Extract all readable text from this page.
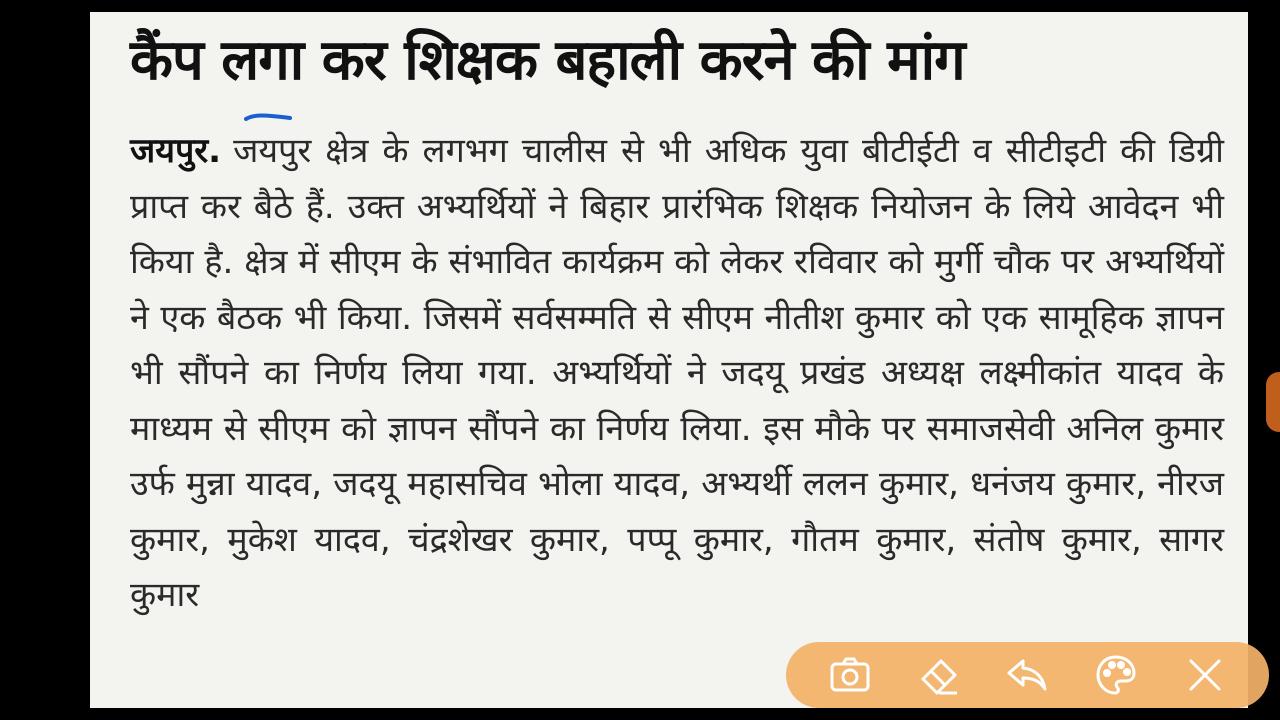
कैंप लगा कर शिक्षक बहाली करने की मांग

जयपुर. जयपुर क्षेत्र के लगभग चालीस से भी अधिक युवा बीटीईटी व सीटीइटी की डिग्री प्राप्त कर बैठे हैं. उक्त अभ्यर्थियों ने बिहार प्रारंभिक शिक्षक नियोजन के लिये आवेदन भी किया है. क्षेत्र में सीएम के संभावित कार्यक्रम को लेकर रविवार को मुर्गी चौक पर अभ्यर्थियों ने एक बैठक भी किया. जिसमें सर्वसम्मति से सीएम नीतीश कुमार को एक सामूहिक ज्ञापन भी सौंपने का निर्णय लिया गया. अभ्यर्थियों ने जदयू प्रखंड अध्यक्ष लक्ष्मीकांत यादव के माध्यम से सीएम को ज्ञापन सौंपने का निर्णय लिया. इस मौके पर समाजसेवी अनिल कुमार उर्फ मुन्ना यादव, जदयू महासचिव भोला यादव, अभ्यर्थी ललन कुमार, धनंजय कुमार, नीरज कुमार, मुकेश यादव, चंद्रशेखर कुमार, पप्पू कुमार, गौतम कुमार, संतोष कुमार, सागर कुमार
